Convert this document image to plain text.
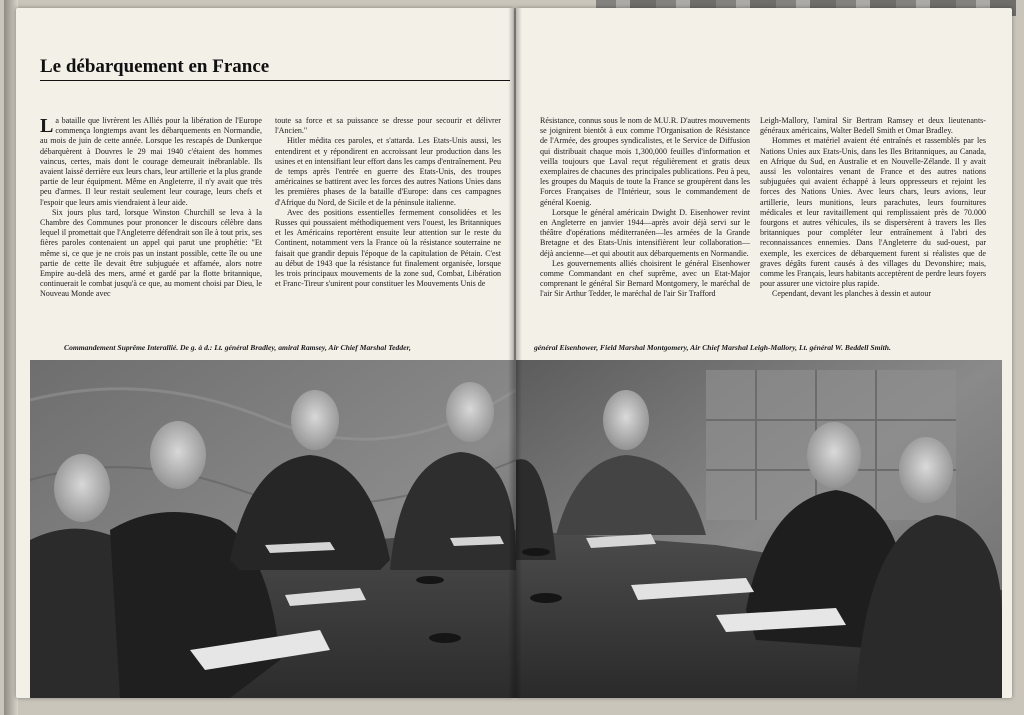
Le débarquement en France

La bataille que livrèrent les Alliés pour la libération de l'Europe commença longtemps avant les débarquements en Normandie, au mois de juin de cette année. Lorsque les rescapés de Dunkerque débarquèrent à Douvres le 29 mai 1940 c'étaient des hommes vaincus, certes, mais dont le courage demeurait inébranlable. Ils avaient laissé derrière eux leurs chars, leur artillerie et la plus grande partie de leur équipment. Même en Angleterre, il n'y avait que très peu d'armes. Il leur restait seulement leur courage, leurs chefs et l'espoir que leurs amis viendraient à leur aide.

Six jours plus tard, lorsque Winston Churchill se leva à la Chambre des Communes pour prononcer le discours célèbre dans lequel il promettait que l'Angleterre défendrait son île à tout prix, ses fières paroles contenaient un appel qui parut une prophétie: "Et même si, ce que je ne crois pas un instant possible, cette île ou une partie de cette île devait être subjuguée et affamée, alors notre Empire au-delà des mers, armé et gardé par la flotte britannique, continuerait le combat jusqu'à ce que, au moment choisi par Dieu, le Nouveau Monde avec

toute sa force et sa puissance se dresse pour secourir et délivrer l'Ancien."

Hitler médita ces paroles, et s'attarda. Les Etats-Unis aussi, les entendirent et y répondirent en accroissant leur production dans les usines et en intensifiant leur effort dans les camps d'entraînement. Peu de temps après l'entrée en guerre des Etats-Unis, des troupes américaines se battirent avec les forces des autres Nations Unies dans les premières phases de la bataille d'Europe: dans ces campagnes d'Afrique du Nord, de Sicile et de la péninsule italienne.

Avec des positions essentielles fermement consolidées et les Russes qui poussaient méthodiquement vers l'ouest, les Britanniques et les Américains reportèrent ensuite leur attention sur le reste du Continent, notamment vers la France où la résistance souterraine ne faisait que grandir depuis l'époque de la capitulation de Pétain. C'est au début de 1943 que la résistance fut finalement organisée, lorsque les trois principaux mouvements de la zone sud, Combat, Libération et Franc-Tireur s'unirent pour constituer les Mouvements Unis de

Résistance, connus sous le nom de M.U.R. D'autres mouvements se joignirent bientôt à eux comme l'Organisation de Résistance de l'Armée, des groupes syndicalistes, et le Service de Diffusion qui distribuait chaque mois 1,300,000 feuilles d'information et veilla toujours que Laval reçut régulièrement et gratis deux exemplaires de chacunes des principales publications. Peu à peu, les groupes du Maquis de toute la France se groupèrent dans les Forces Françaises de l'Intérieur, sous le commandement de général Koenig.

Lorsque le général américain Dwight D. Eisenhower revint en Angleterre en janvier 1944—après avoir déjà servi sur le théâtre d'opérations méditerranéen—les armées de la Grande Bretagne et des Etats-Unis intensifièrent leur collaboration—déjà ancienne—et qui aboutit aux débarquements en Normandie.

Les gouvernements alliés choisirent le général Eisenhower comme Commandant en chef suprême, avec un Etat-Major comprenant le général Sir Bernard Montgomery, le maréchal de l'air Sir Arthur Tedder, le maréchal de l'air Sir Trafford

Leigh-Mallory, l'amiral Sir Bertram Ramsey et deux lieutenants-généraux américains, Walter Bedell Smith et Omar Bradley.

Hommes et matériel avaient été entraînés et rassemblés par les Nations Unies aux Etats-Unis, dans les Iles Britanniques, au Canada, en Afrique du Sud, en Australie et en Nouvelle-Zélande. Il y avait aussi les volontaires venant de France et des autres nations subjuguées qui avaient échappé à leurs oppresseurs et rejoint les forces des Nations Unies. Avec leurs chars, leurs avions, leur artillerie, leurs munitions, leurs parachutes, leurs fournitures médicales et leur ravitaillement qui remplissaient près de 70.000 fourgons et autres véhicules, ils se dispersèrent à travers les Iles britanniques pour compléter leur entraînement à l'abri des reconnaissances ennemies. Dans l'Angleterre du sud-ouest, par exemple, les exercices de débarquement furent si réalistes que de graves dégâts furent causés à des villages du Devonshire; mais, comme les Français, leurs habitants acceptèrent de perdre leurs foyers pour assurer une victoire plus rapide.

Cependant, devant les planches à dessin et autour

Commandement Suprême Interallié. De g. à d.: Lt. général Bradley, amiral Ramsey, Air Chief Marshal Tedder,	général Eisenhower, Field Marshal Montgomery, Air Chief Marshal Leigh-Mallory, Lt. général W. Beddell Smith.
